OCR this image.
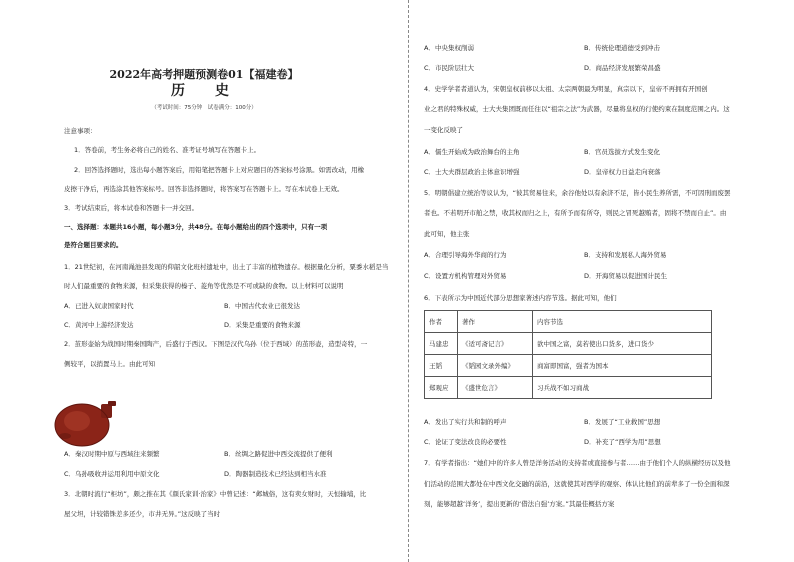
2022年高考押题预测卷01【福建卷】
历　史
（考试时间：75分钟　试卷满分：100分）
注意事项：
1．答卷前，考生务必将自己的姓名、准考证号填写在答题卡上。
2．回答选择题时，选出每小题答案后，用铅笔把答题卡上对应题目的答案标号涂黑。如需改动，用橡
皮擦干净后，再选涂其他答案标号。回答非选择题时，将答案写在答题卡上。写在本试卷上无效。
3．考试结束后，将本试卷和答题卡一并交回。
一、选择题：本题共16小题，每小题3分，共48分。在每小题给出的四个选项中，只有一项
是符合题目要求的。
1．21世纪初，在河南渑池县发现的仰韶文化班村遗址中，出土了丰富的植物遗存。根据量化分析，粟黍水稻是当
时人们最重要的食物来源，但采集获得的榛子、菱角等优然是不可或缺的食物。以上材料可以说明
A．已进入奴隶国家时代	B．中国古代农业已很发达
C．黄河中上游经济发达	D．采集是重要的食物来源
2．茧形壶始为战国时期秦国陶产，后盛行于西汉。下图是汉代乌孙（位于西域）的茧形壶，造型奇特，一
侧较平，以捎置马上。由此可知
A．秦汉时期中原与西域往来频繁	B．丝绸之路促进中西交流提供了便利
C．乌孙吸收并运用利用中原文化	D．陶器制造技术已经达到相当水准
3．北朝时流行“柜坊”，颇之推在其《颜氏家训·治家》中曾记述：“邺城俗，这有卖女财时，天恒输埔，比
屋父坦，计较错铢差多还少，市井无异。”这反映了当时
A．中央集权削弱	B．传统伦理道德受到冲击
C．市民阶层壮大	D．商品经济发展繁荣昌盛
4．史学学者者道认为，宋朝皇权前移以太祖、太宗两朝最为明显，真宗以下，皇帝不再拥有开国创
业之君的特殊权威，士大夫集团既而任往以“祖宗之法”为武器，尽量将皇权的行使约束在制度范围之内。这
一变化反映了
A．儒生开始成为政治舞台的主角	B．官员选拔方式发生变化
C．士大夫群层政治主体意识增强	D．皇帝权力日益走向衰落
5．明朝倡建立统治等议认为，“彼其贸易往来，余谷他处以有余济不足，皆小民生养所需，不可因刑而废罢
者也。不若明开市舶之禁，收其权而归之上，有所予而有所夺，则民之冒死越贿者，固将不禁而自止”。由
此可知，他主张
A．合理引导海外华商的行为	B．支持和发展私人海外贸易
C．设置方机构管理对外贸易	D．开海贸易以促进国计民生
6．下表所示为中国近代部分思想家著述内容节选。据此可知，他们
作者	著作	内容节选
马建忠	《适可斋记言》	欲中国之富，莫若使出口货多，进口货少
王韬	《韬园文录外编》	商富即国富，强者为国本
郑观应	《盛世危言》	习兵战不如习商战
A．发出了实行共和制的呼声	B．发展了“工业救国”思想
C．论证了变法改良的必要性	D．补充了“西学为用”思想
7．有学者指出：“她们中的许多人曾是洋务活动的支持者或直接参与者……由于他们个人的纵横经历以及他
们活动的范围大都处在中西文化交融的前沿，这就使其对西学的观察、体认比他们的前辈多了一份全面和深
刻，能够超越‘洋务’，提出更新的‘借法自强’方案。”其最佳概括方案
